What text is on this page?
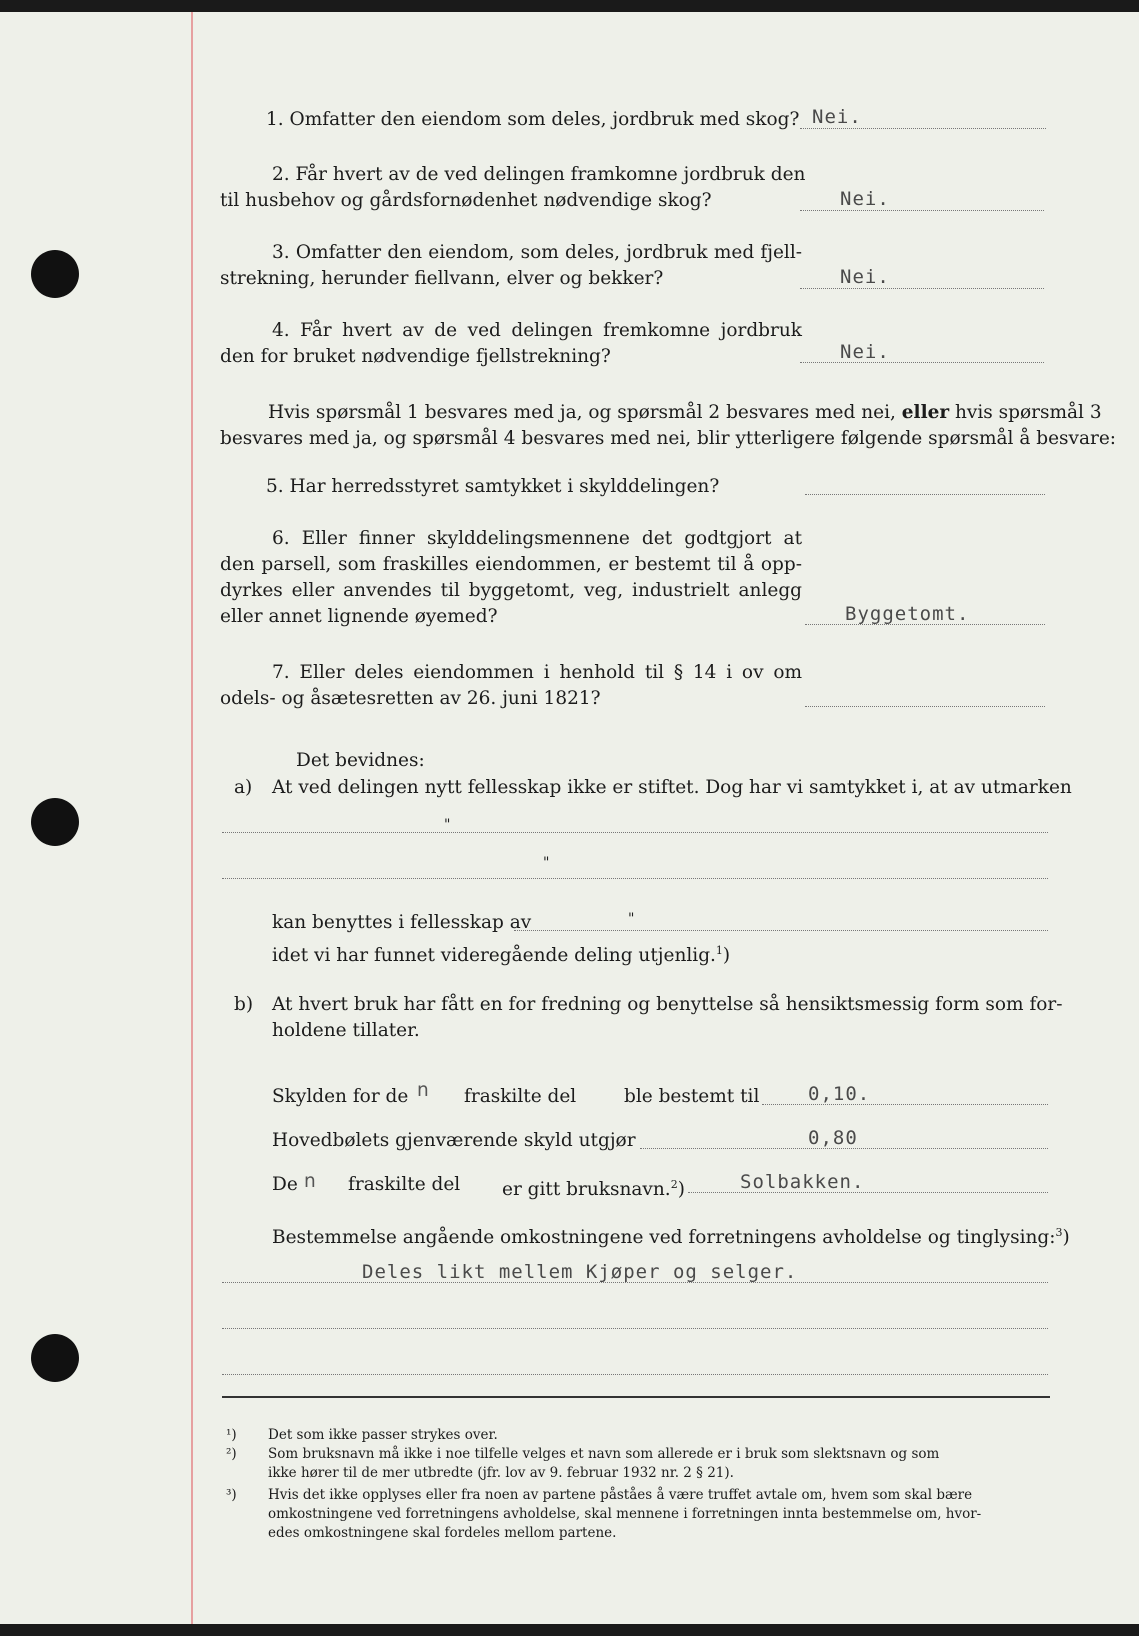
1. Omfatter den eiendom som deles, jordbruk med skog? Nei.
2. Får hvert av de ved delingen framkomne jordbruk den
til husbehov og gårdsfornødenhet nødvendige skog?	Nei.
3. Omfatter den eiendom, som deles, jordbruk med fjell-
strekning, herunder fiellvann, elver og bekker?	Nei.
4. Får hvert av de ved delingen fremkomne jordbruk
den for bruket nødvendige fjellstrekning?	Nei.
Hvis spørsmål 1 besvares med ja, og spørsmål 2 besvares med nei, eller hvis spørsmål 3
besvares med ja, og spørsmål 4 besvares med nei, blir ytterligere følgende spørsmål å besvare:
5. Har herredsstyret samtykket i skylddelingen?
6. Eller finner skylddelingsmennene det godtgjort at
den parsell, som fraskilles eiendommen, er bestemt til å opp-
dyrkes eller anvendes til byggetomt, veg, industrielt anlegg
eller annet lignende øyemed?	Byggetomt.
7. Eller deles eiendommen i henhold til § 14 i ov om
odels- og åsætesretten av 26. juni 1821?
Det bevidnes:
a) At ved delingen nytt fellesskap ikke er stiftet. Dog har vi samtykket i, at av utmarken
"
"
kan benyttes i fellesskap av	"
idet vi har funnet videregående deling utjenlig.$^1$)
b) At hvert bruk har fått en for fredning og benyttelse så hensiktsmessig form som for-
holdene tillater.
Skylden for de n fraskilte del	ble bestemt til	0,10.
Hovedbølets gjenværende skyld utgjør	0,80
De n fraskilte del er gitt bruksnavn.$^2$)	Solbakken.
Bestemmelse angående omkostningene ved forretningens avholdelse og tinglysing:$^3$)
Deles likt mellem Kjøper og selger.
¹) Det som ikke passer strykes over.
²) Som bruksnavn må ikke i noe tilfelle velges et navn som allerede er i bruk som slektsnavn og som
ikke hører til de mer utbredte (jfr. lov av 9. februar 1932 nr. 2 § 21).
³) Hvis det ikke opplyses eller fra noen av partene påståes å være truffet avtale om, hvem som skal bære
omkostningene ved forretningens avholdelse, skal mennene i forretningen innta bestemmelse om, hvor-
edes omkostningene skal fordeles mellom partene.
